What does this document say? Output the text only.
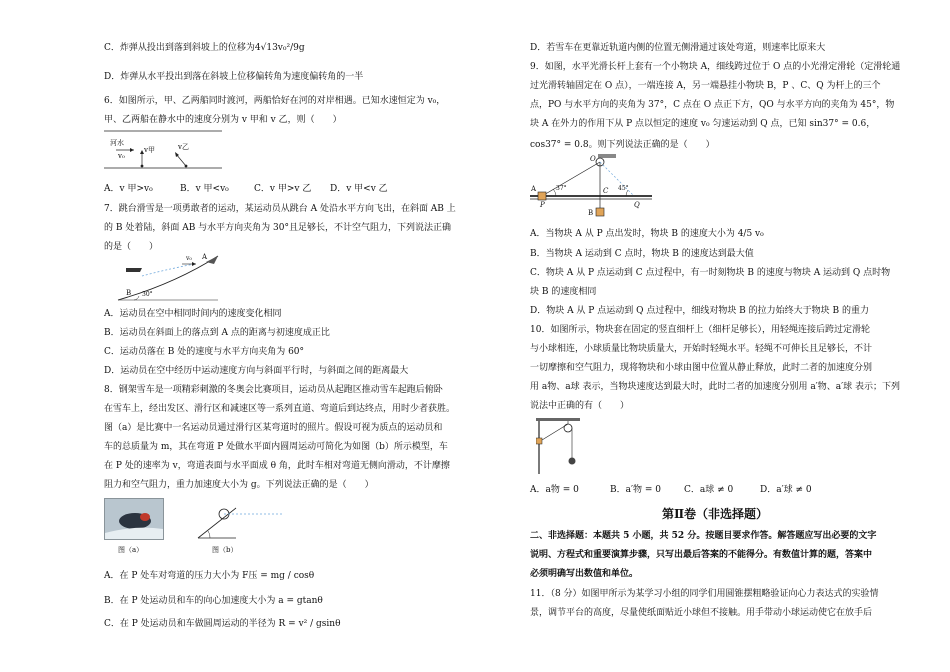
C．炸弹从投出到落到斜坡上的位移为4√13v₀²/9g
D．炸弹从水平投出到落在斜坡上位移偏转角为速度偏转角的一半
6．如图所示，甲、乙两船同时渡河，两船恰好在河的对岸相遇。已知水速恒定为 v₀，
甲、乙两船在静水中的速度分别为 v 甲和 v 乙，则（　　）
河水
v₀
v甲	v乙
A．v 甲>v₀	B．v 甲<v₀	C．v 甲>v 乙 D．v 甲<v 乙
7．跳台滑雪是一项勇敢者的运动，某运动员从跳台 A 处沿水平方向飞出，在斜面 AB 上
的 B 处着陆，斜面 AB 与水平方向夹角为 30°且足够长，不计空气阻力，下列说法正确
的是（　　）
A
v₀
B 30°
A．运动员在空中相同时间内的速度变化相同
B．运动员在斜面上的落点到 A 点的距离与初速度成正比
C．运动员落在 B 处的速度与水平方向夹角为 60°
D．运动员在空中经历中运动速度方向与斜面平行时，与斜面之间的距离最大
8．钢架雪车是一项精彩刺激的冬奥会比赛项目，运动员从起跑区推动雪车起跑后俯卧
在雪车上，经出发区、滑行区和减速区等一系列直道、弯道后到达终点，用时少者获胜。
图（a）是比赛中一名运动员通过滑行区某弯道时的照片。假设可视为质点的运动员和
车的总质量为 m，其在弯道 P 处做水平面内圆周运动可简化为如图（b）所示模型，车
在 P 处的速率为 v，弯道表面与水平面成 θ 角，此时车相对弯道无侧向滑动，不计摩擦
阻力和空气阻力，重力加速度大小为 g。下列说法正确的是（　　）
图（a）	图（b）
A．在 P 处车对弯道的压力大小为 F压 = mg / cosθ
B．在 P 处运动员和车的向心加速度大小为 a = gtanθ
C．在 P 处运动员和车做圆周运动的半径为 R = v² / gsinθ
D．若雪车在更靠近轨道内侧的位置无侧滑通过该处弯道，则速率比原来大
9．如图，水平光滑长杆上套有一个小物块 A，细线跨过位于 O 点的小光滑定滑轮（定滑轮通
过光滑转轴固定在 O 点），一端连接 A，另一端悬挂小物块 B，P 、C、Q 为杆上的三个
点，PO 与水平方向的夹角为 37°，C 点在 O 点正下方，QO 与水平方向的夹角为 45°，物
块 A 在外力的作用下从 P 点以恒定的速度 v₀ 匀速运动到 Q 点，已知 sin37° = 0.6，
cos37° = 0.8。则下列说法正确的是（　　）
O
A
P
37°	C 45°
Q
B
A．当物块 A 从 P 点出发时，物块 B 的速度大小为 4/5 v₀
B．当物块 A 运动到 C 点时，物块 B 的速度达到最大值
C．物块 A 从 P 点运动到 C 点过程中，有一时刻物块 B 的速度与物块 A 运动到 Q 点时物
块 B 的速度相同
D．物块 A 从 P 点运动到 Q 点过程中，细线对物块 B 的拉力始终大于物块 B 的重力
10．如图所示，物块套在固定的竖直细杆上（细杆足够长），用轻绳连接后跨过定滑轮
与小球相连，小球质量比物块质量大，开始时轻绳水平。轻绳不可伸长且足够长，不计
一切摩擦和空气阻力，现将物块和小球由图中位置从静止释放，此时二者的加速度分别
用 a物、a球 表示，当物块速度达到最大时，此时二者的加速度分别用 a′物、a′球 表示；下列
说法中正确的有（　　）
A．a物 = 0	B．a′物 = 0	C．a球 ≠ 0	D．a′球 ≠ 0
第Ⅱ卷（非选择题）
二、非选择题：本题共 5 小题，共 52 分。按题目要求作答。解答题应写出必要的文字
说明、方程式和重要演算步骤，只写出最后答案的不能得分。有数值计算的题，答案中
必须明确写出数值和单位。
11．（8 分）如图甲所示为某学习小组的同学们用圆锥摆粗略验证向心力表达式的实验情
景，调节平台的高度，尽量使纸面贴近小球但不接触。用手带动小球运动使它在放手后
